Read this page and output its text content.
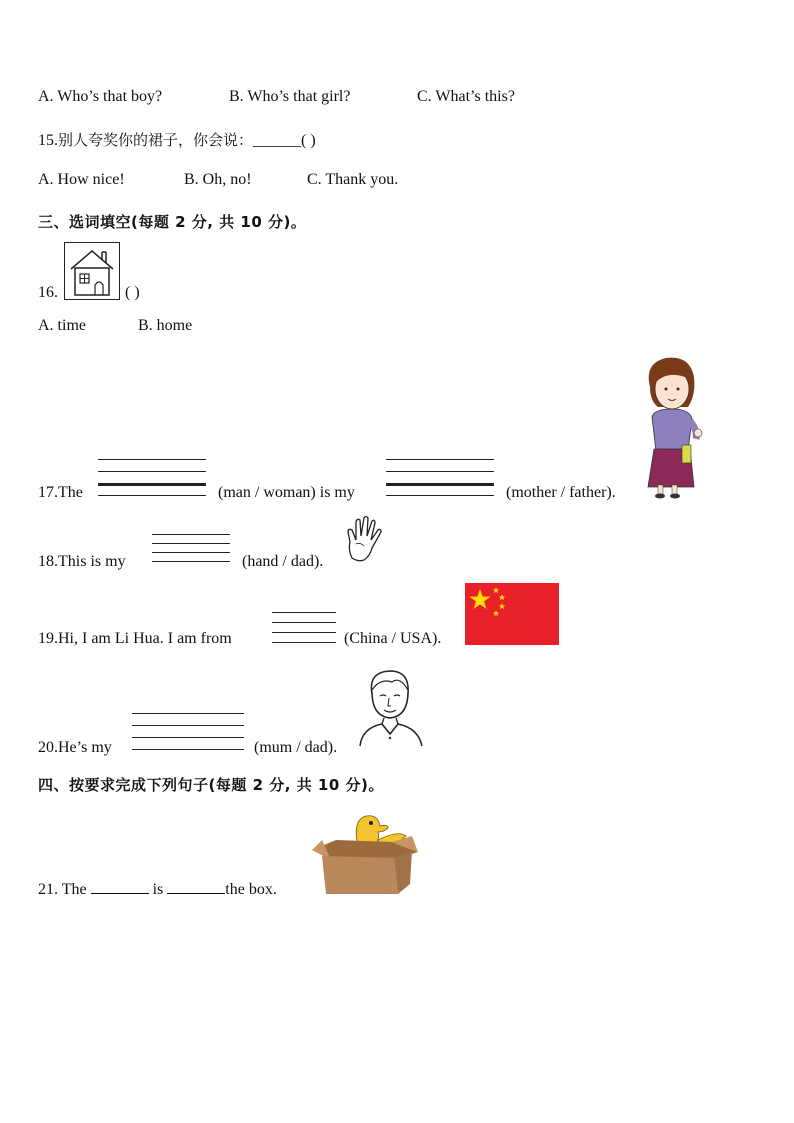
A. Who’s that boy?	B. Who’s that girl?	C. What’s this?
15.别人夸奖你的裙子，你会说：______( )
A. How nice!	B. Oh, no!	C. Thank you.
三、选词填空(每题 2 分, 共 10 分)。
16.	( )
A. time	B. home
17.The	(man / woman) is my	(mother / father).
18.This is my	(hand / dad).
19.Hi, I am Li Hua. I am from	(China / USA).
20.He’s my	(mum / dad).
四、按要求完成下列句子(每题 2 分, 共 10 分)。
21. The	is	the box.
